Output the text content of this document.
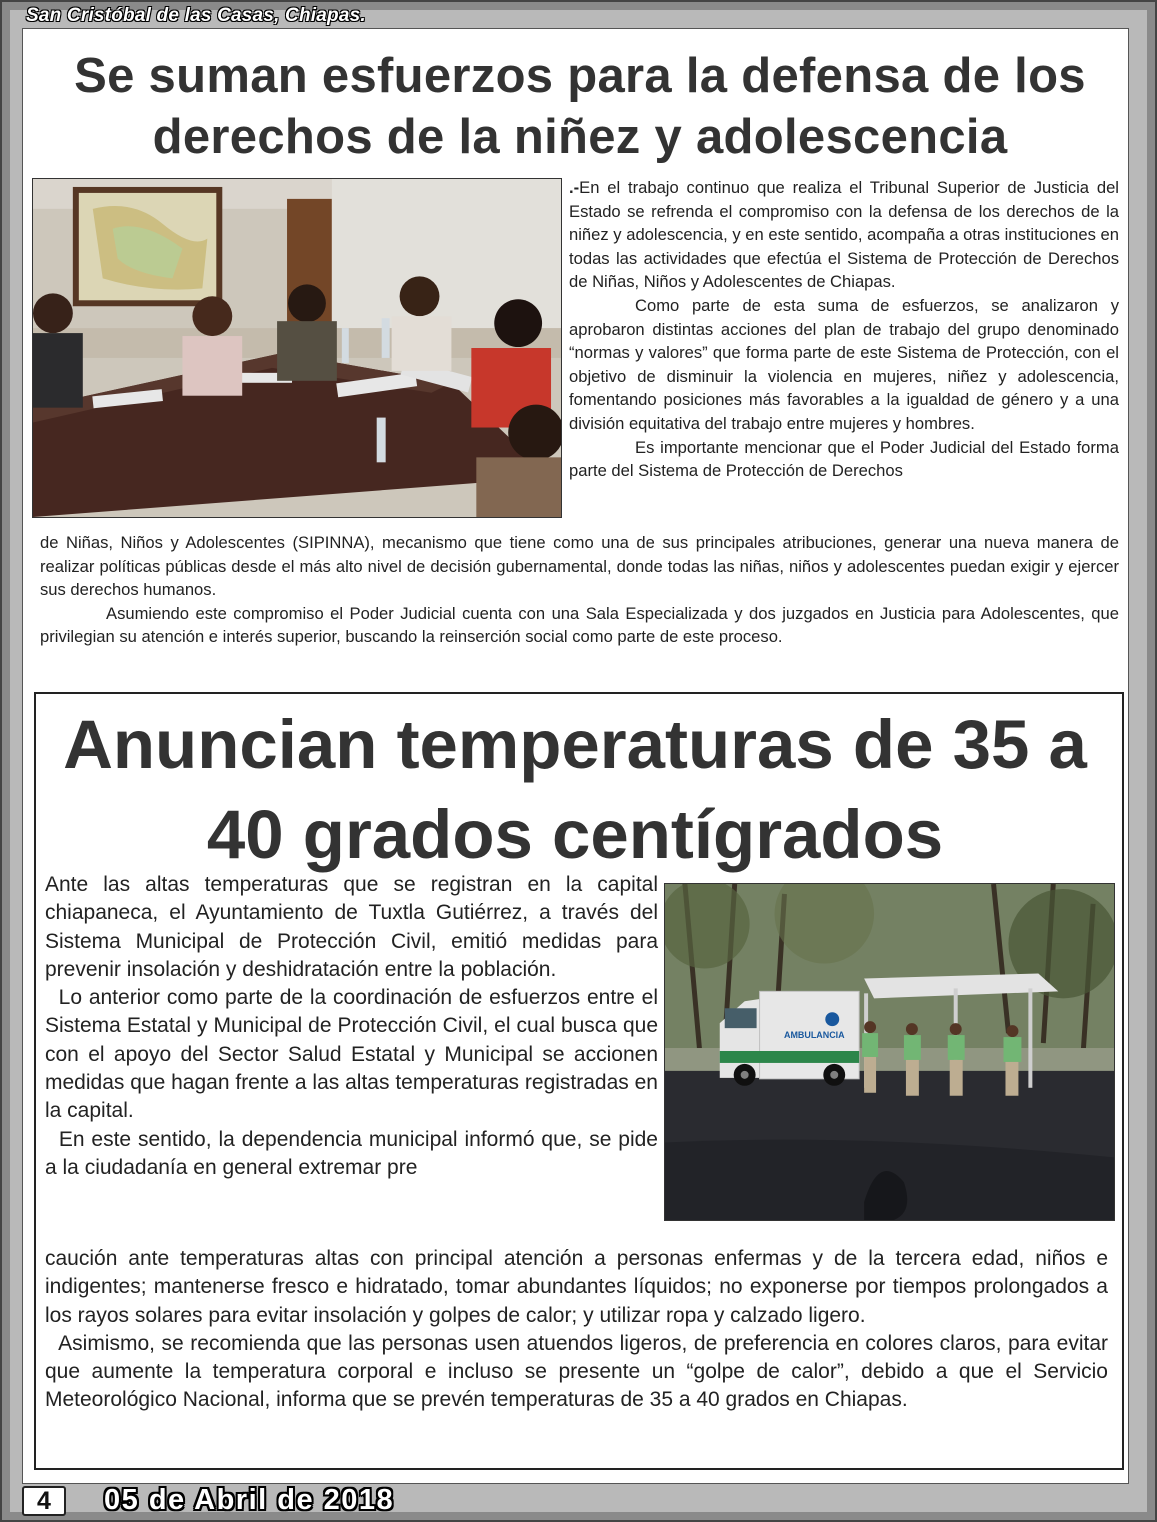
San Cristóbal de las Casas, Chiapas.
Se suman esfuerzos para la defensa de los derechos de la niñez y adolescencia

.-En el trabajo continuo que realiza el Tribunal Superior de Justicia del Estado se refrenda el compromiso con la defensa de los derechos de la niñez y adolescencia, y en este sentido, acompaña a otras instituciones en todas las actividades que efectúa el Sistema de Protección de Derechos de Niñas, Niños y Adolescentes de Chiapas.

Como parte de esta suma de esfuerzos, se analizaron y aprobaron distintas acciones del plan de trabajo del grupo denominado “normas y valores” que forma parte de este Sistema de Protección, con el objetivo de disminuir la violencia en mujeres, niñez y adolescencia, fomentando posiciones más favorables a la igualdad de género y a una división equitativa del trabajo entre mujeres y hombres.

Es importante mencionar que el Poder Judicial del Estado forma parte del Sistema de Protección de Derechos

de Niñas, Niños y Adolescentes (SIPINNA), mecanismo que tiene como una de sus principales atribuciones, generar una nueva manera de realizar políticas públicas desde el más alto nivel de decisión gubernamental, donde todas las niñas, niños y adolescentes puedan exigir y ejercer sus derechos humanos.

Asumiendo este compromiso el Poder Judicial cuenta con una Sala Especializada y dos juzgados en Justicia para Adolescentes, que privilegian su atención e interés superior, buscando la reinserción social como parte de este proceso.

Anuncian temperaturas de 35 a 40 grados centígrados
AMBULANCIA

Ante las altas temperaturas que se registran en la capital chiapaneca, el Ayuntamiento de Tuxtla Gutiérrez, a través del Sistema Municipal de Protección Civil, emitió medidas para prevenir insolación y deshidratación entre la población.

Lo anterior como parte de la coordinación de esfuerzos entre el Sistema Estatal y Municipal de Protección Civil, el cual busca que con el apoyo del Sector Salud Estatal y Municipal se accionen medidas que hagan frente a las altas temperaturas registradas en la capital.

En este sentido, la dependencia municipal informó que, se pide a la ciudadanía en general extremar pre

caución ante temperaturas altas con principal atención a personas enfermas y de la tercera edad, niños e indigentes; mantenerse fresco e hidratado, tomar abundantes líquidos; no exponerse por tiempos prolongados a los rayos solares para evitar insolación y golpes de calor; y utilizar ropa y calzado ligero.

Asimismo, se recomienda que las personas usen atuendos ligeros, de preferencia en colores claros, para evitar que aumente la temperatura corporal e incluso se presente un “golpe de calor”, debido a que el Servicio Meteorológico Nacional, informa que se prevén temperaturas de 35 a 40 grados en Chiapas.

4	05 de Abril de 2018
